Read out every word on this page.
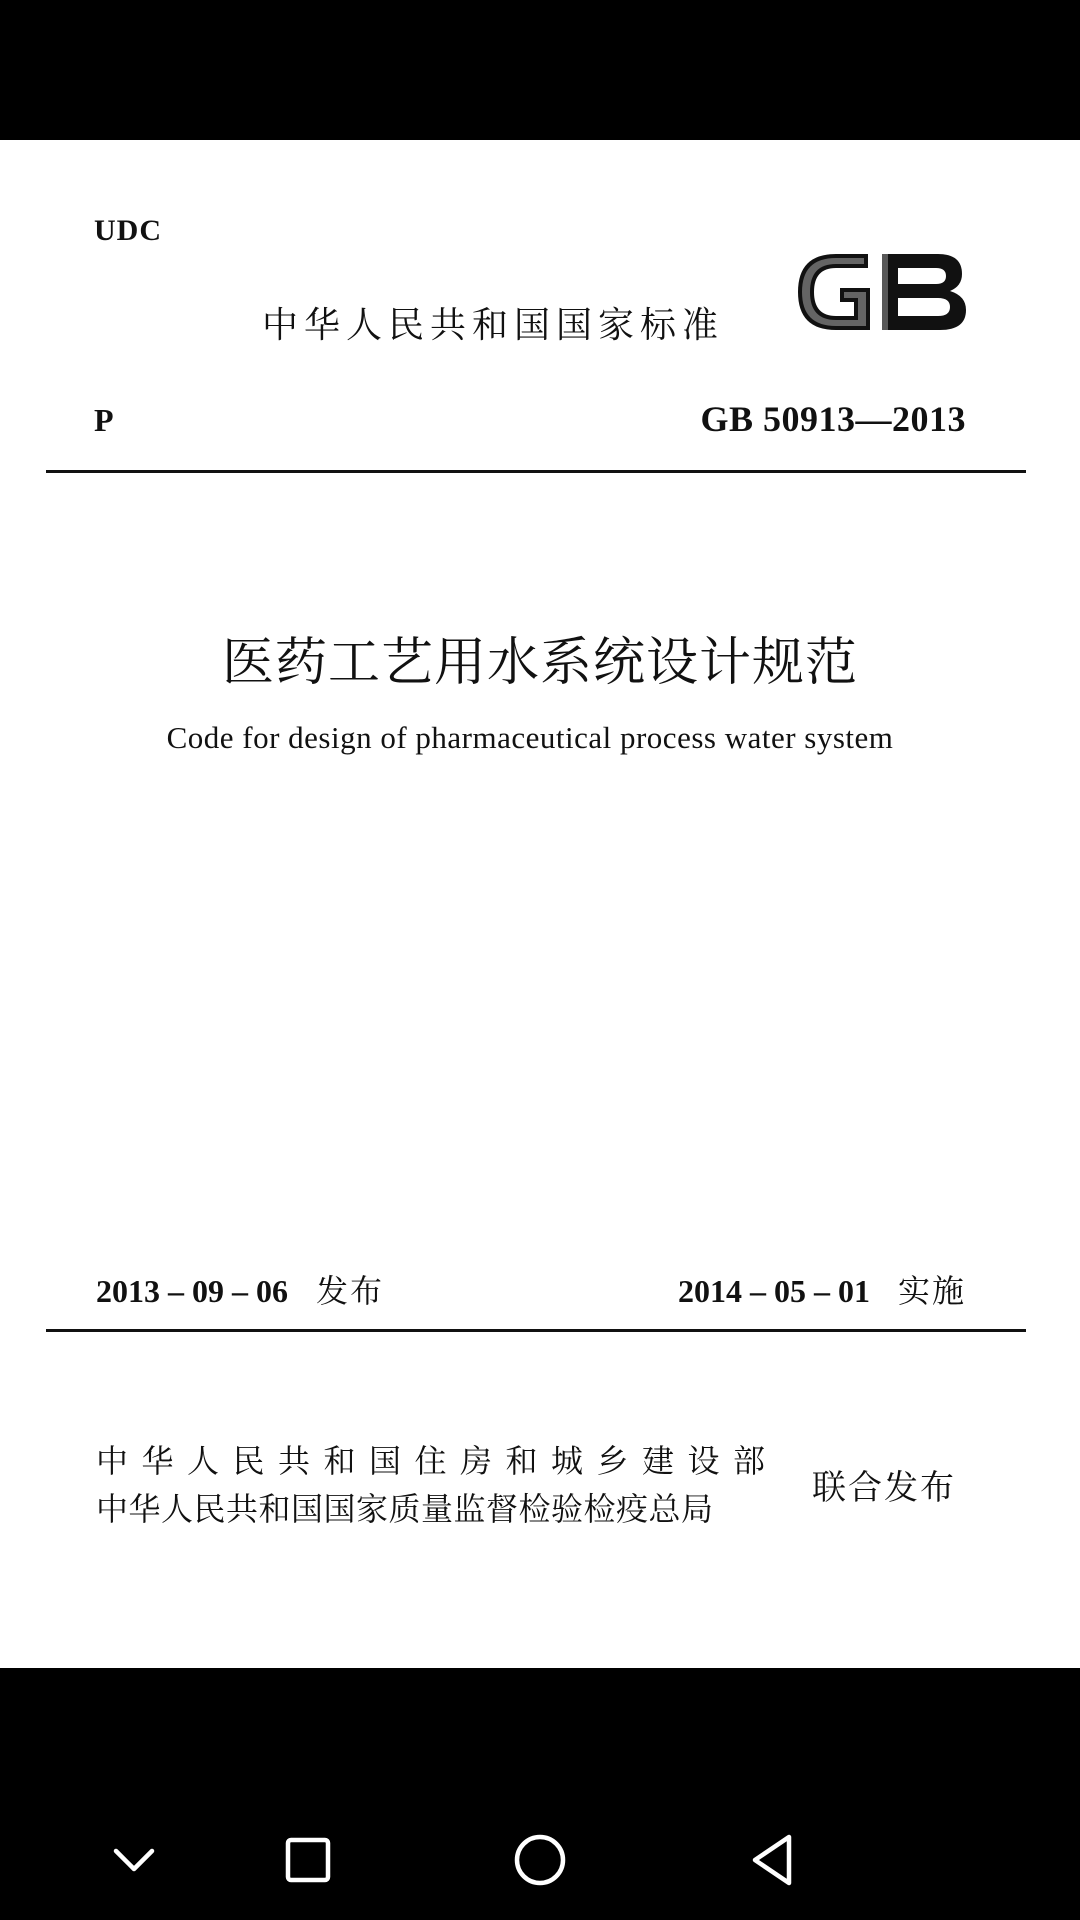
UDC
中华人民共和国国家标准
P	GB 50913—2013
医药工艺用水系统设计规范
Code for design of pharmaceutical process water system
2013 – 09 – 06 发布	2014 – 05 – 01 实施
中华人民共和国住房和城乡建设部
中华人民共和国国家质量监督检验检疫总局
联合发布
